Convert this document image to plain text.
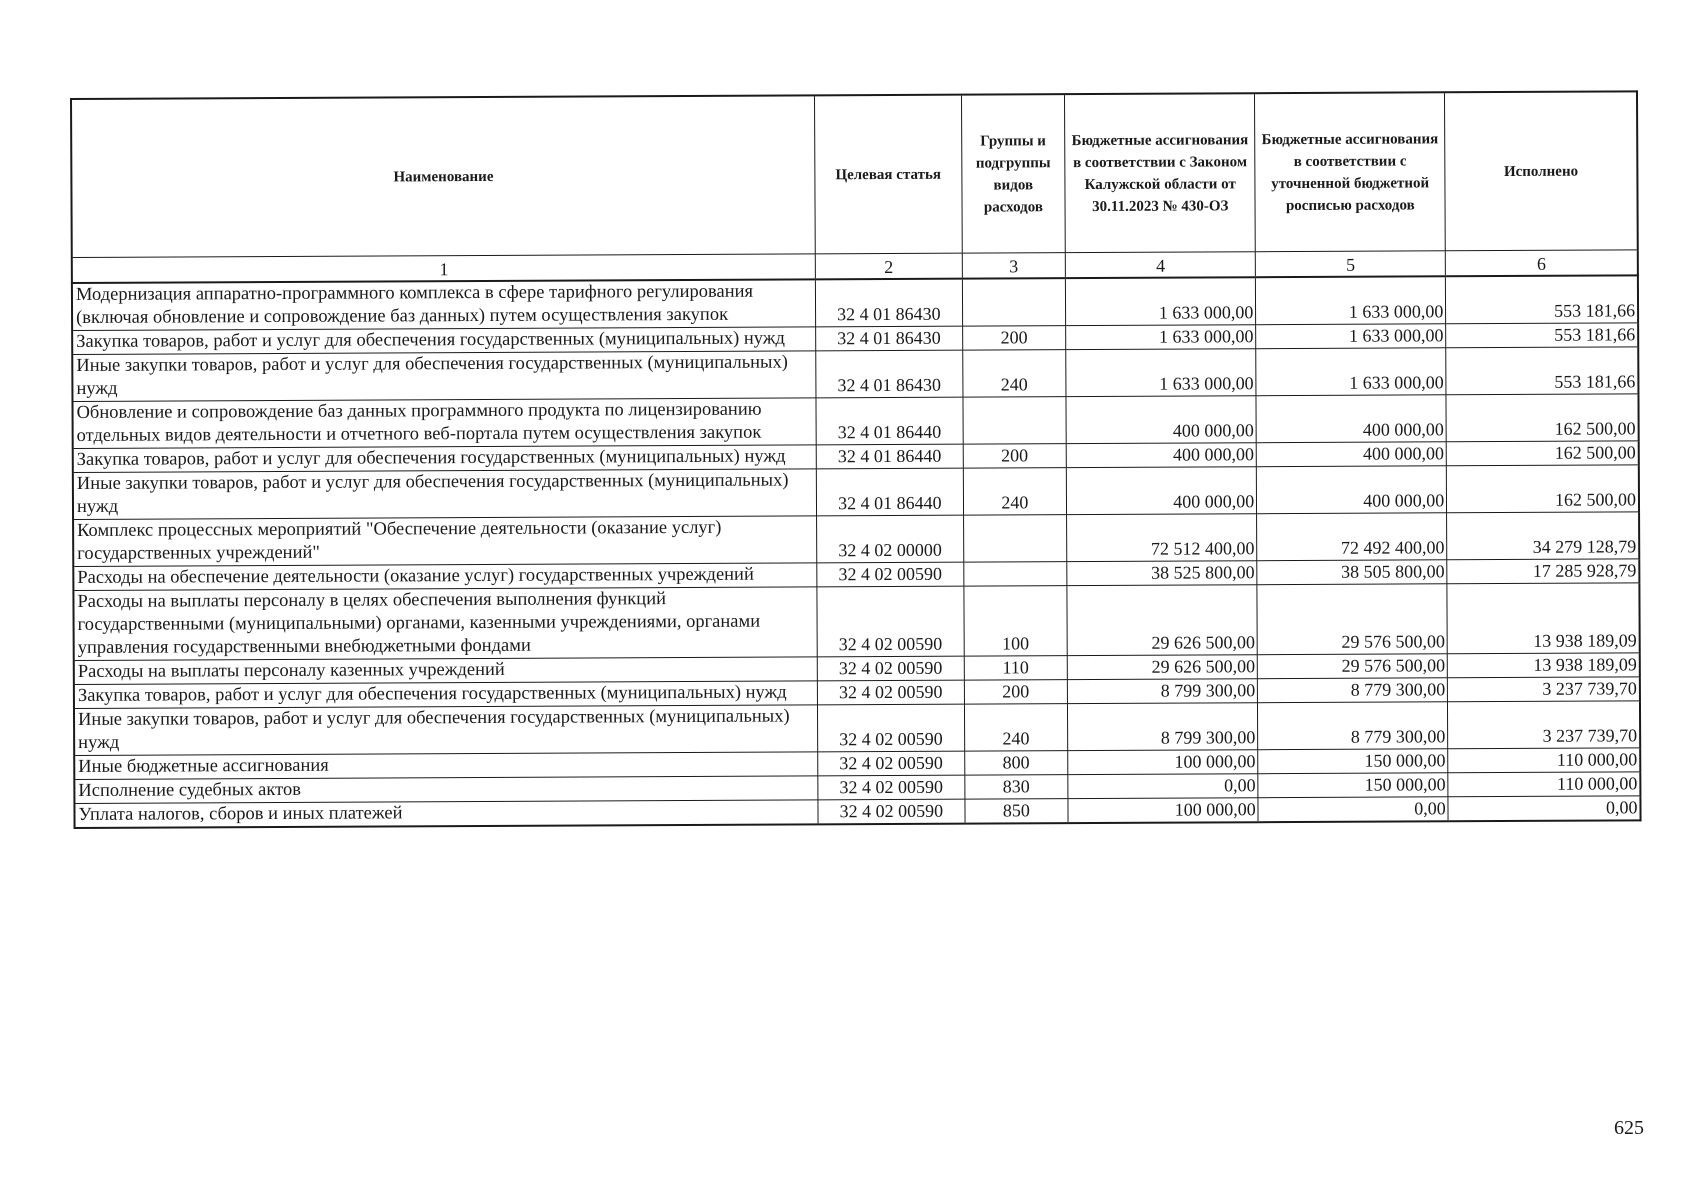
Наименование	Целевая статья	Группы и подгруппы видов расходов	Бюджетные ассигнования в соответствии с Законом Калужской области от 30.11.2023 № 430-ОЗ	Бюджетные ассигнования в соответствии с уточненной бюджетной росписью расходов	Исполнено
1	2	3	4	5	6
Модернизация аппаратно-программного комплекса в сфере тарифного регулирования (включая обновление и сопровождение баз данных) путем осуществления закупок	32 4 01 86430		1 633 000,00	1 633 000,00	553 181,66
Закупка товаров, работ и услуг для обеспечения государственных (муниципальных) нужд	32 4 01 86430	200	1 633 000,00	1 633 000,00	553 181,66
Иные закупки товаров, работ и услуг для обеспечения государственных (муниципальных) нужд	32 4 01 86430	240	1 633 000,00	1 633 000,00	553 181,66
Обновление и сопровождение баз данных программного продукта по лицензированию отдельных видов деятельности и отчетного веб-портала путем осуществления закупок	32 4 01 86440		400 000,00	400 000,00	162 500,00
Закупка товаров, работ и услуг для обеспечения государственных (муниципальных) нужд	32 4 01 86440	200	400 000,00	400 000,00	162 500,00
Иные закупки товаров, работ и услуг для обеспечения государственных (муниципальных) нужд	32 4 01 86440	240	400 000,00	400 000,00	162 500,00
Комплекс процессных мероприятий "Обеспечение деятельности (оказание услуг) государственных учреждений"	32 4 02 00000		72 512 400,00	72 492 400,00	34 279 128,79
Расходы на обеспечение деятельности (оказание услуг) государственных учреждений	32 4 02 00590		38 525 800,00	38 505 800,00	17 285 928,79
Расходы на выплаты персоналу в целях обеспечения выполнения функций государственными (муниципальными) органами, казенными учреждениями, органами управления государственными внебюджетными фондами	32 4 02 00590	100	29 626 500,00	29 576 500,00	13 938 189,09
Расходы на выплаты персоналу казенных учреждений	32 4 02 00590	110	29 626 500,00	29 576 500,00	13 938 189,09
Закупка товаров, работ и услуг для обеспечения государственных (муниципальных) нужд	32 4 02 00590	200	8 799 300,00	8 779 300,00	3 237 739,70
Иные закупки товаров, работ и услуг для обеспечения государственных (муниципальных) нужд	32 4 02 00590	240	8 799 300,00	8 779 300,00	3 237 739,70
Иные бюджетные ассигнования	32 4 02 00590	800	100 000,00	150 000,00	110 000,00
Исполнение судебных актов	32 4 02 00590	830	0,00	150 000,00	110 000,00
Уплата налогов, сборов и иных платежей	32 4 02 00590	850	100 000,00	0,00	0,00
625
